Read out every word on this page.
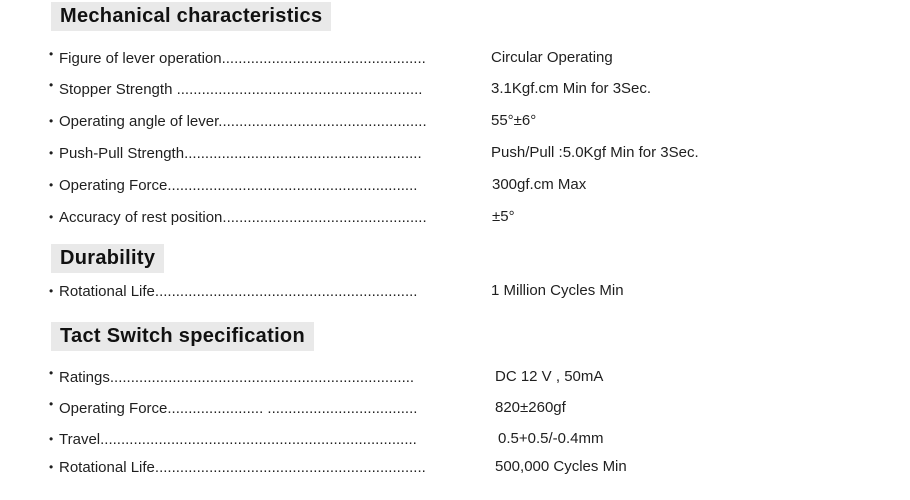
Mechanical characteristics
• Figure of lever operation.................................................	Circular Operating
• Stopper Strength ...........................................................	3.1Kgf.cm Min for 3Sec.
• Operating angle of lever..................................................	55°±6°
• Push-Pull Strength.........................................................	Push/Pull :5.0Kgf Min for 3Sec.
• Operating Force............................................................	300gf.cm Max
• Accuracy of rest position.................................................	±5°
Durability
• Rotational Life...............................................................	1 Million Cycles Min
Tact Switch specification
• Ratings.........................................................................	DC 12 V , 50mA
• Operating Force....................... ....................................	820±260gf
• Travel............................................................................	0.5+0.5/-0.4mm
• Rotational Life.................................................................	500,000 Cycles Min
